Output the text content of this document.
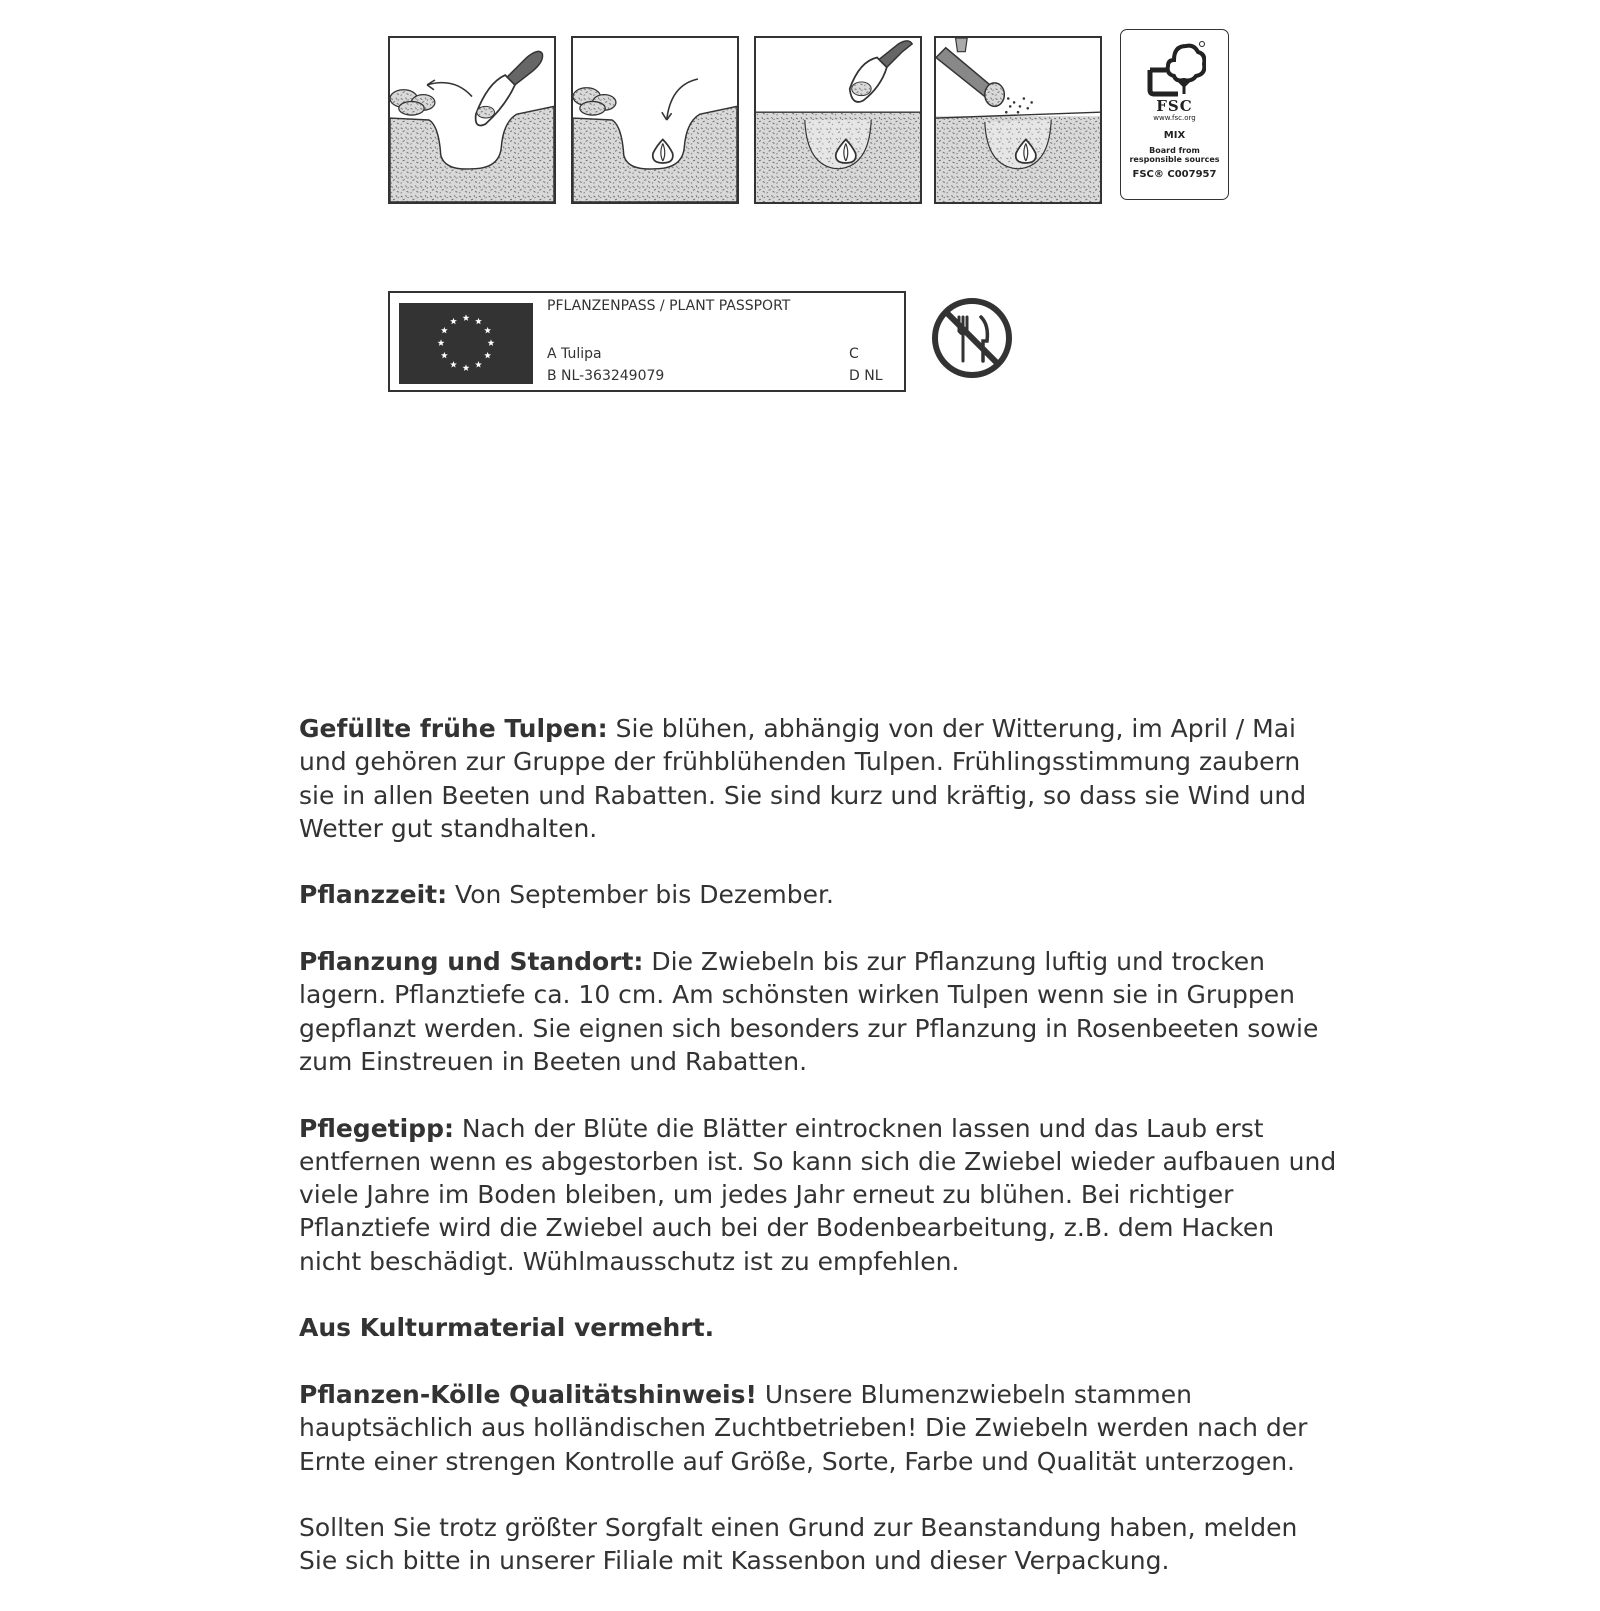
FSC
www.fsc.org
MIX
Board from
responsible sources
FSC® C007957
PFLANZENPASS / PLANT PASSPORT
A Tulipa
B NL-363249079
C
D NL

Gefüllte frühe Tulpen: Sie blühen, abhängig von der Witterung, im April / Mai und gehören zur Gruppe der frühblühenden Tulpen. Frühlingsstimmung zaubern sie in allen Beeten und Rabatten. Sie sind kurz und kräftig, so dass sie Wind und Wetter gut standhalten.

Pflanzzeit: Von September bis Dezember.

Pflanzung und Standort: Die Zwiebeln bis zur Pflanzung luftig und trocken lagern. Pflanztiefe ca. 10 cm. Am schönsten wirken Tulpen wenn sie in Gruppen gepflanzt werden. Sie eignen sich besonders zur Pflanzung in Rosenbeeten sowie zum Einstreuen in Beeten und Rabatten.

Pflegetipp: Nach der Blüte die Blätter eintrocknen lassen und das Laub erst entfernen wenn es abgestorben ist. So kann sich die Zwiebel wieder aufbauen und viele Jahre im Boden bleiben, um jedes Jahr erneut zu blühen. Bei richtiger Pflanztiefe wird die Zwiebel auch bei der Bodenbearbeitung, z.B. dem Hacken nicht beschädigt. Wühlmausschutz ist zu empfehlen.

Aus Kulturmaterial vermehrt.

Pflanzen-Kölle Qualitätshinweis! Unsere Blumenzwiebeln stammen hauptsächlich aus holländischen Zuchtbetrieben! Die Zwiebeln werden nach der Ernte einer strengen Kontrolle auf Größe, Sorte, Farbe und Qualität unterzogen.

Sollten Sie trotz größter Sorgfalt einen Grund zur Beanstandung haben, melden Sie sich bitte in unserer Filiale mit Kassenbon und dieser Verpackung.
